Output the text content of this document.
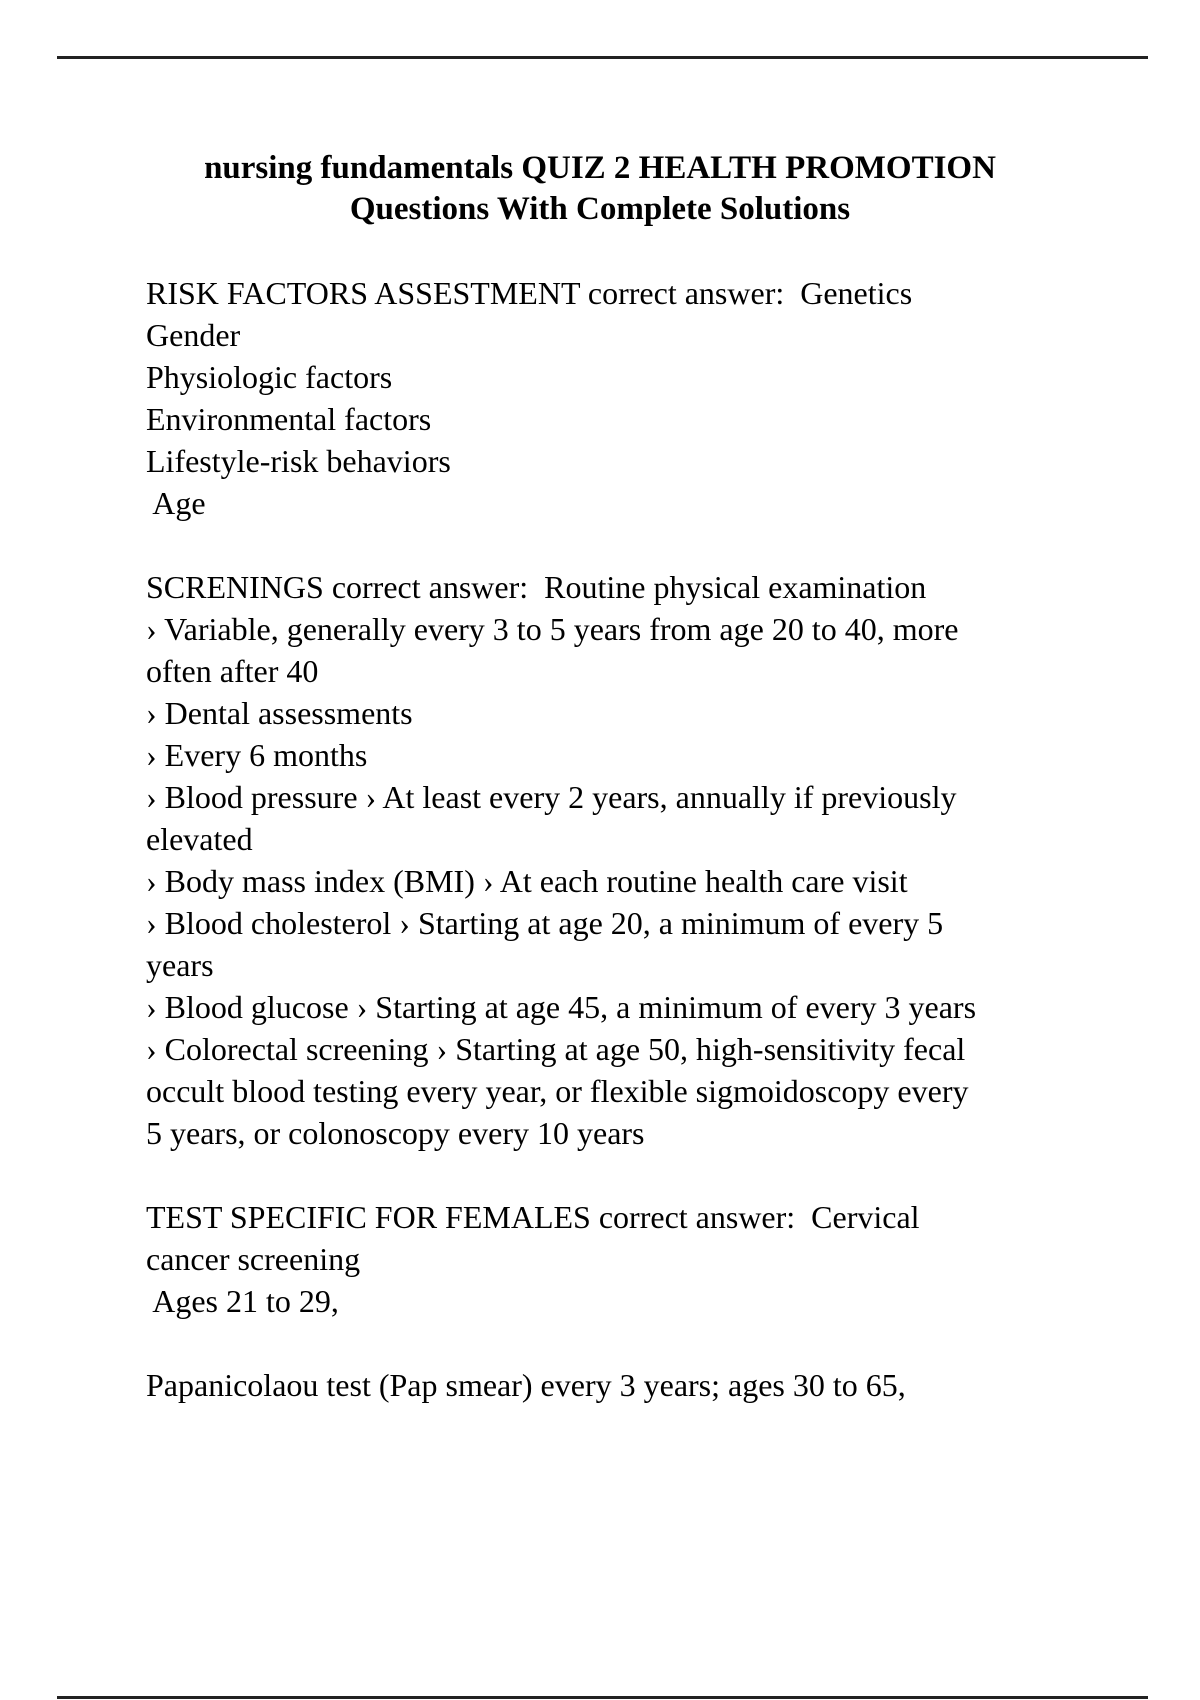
nursing fundamentals QUIZ 2 HEALTH PROMOTION
Questions With Complete Solutions
RISK FACTORS ASSESTMENT correct answer:  Genetics
Gender
Physiologic factors
Environmental factors
Lifestyle-risk behaviors
Age
SCRENINGS correct answer:  Routine physical examination
› Variable, generally every 3 to 5 years from age 20 to 40, more
often after 40
› Dental assessments
› Every 6 months
› Blood pressure › At least every 2 years, annually if previously
elevated
› Body mass index (BMI) › At each routine health care visit
› Blood cholesterol › Starting at age 20, a minimum of every 5
years
› Blood glucose › Starting at age 45, a minimum of every 3 years
› Colorectal screening › Starting at age 50, high-sensitivity fecal
occult blood testing every year, or flexible sigmoidoscopy every
5 years, or colonoscopy every 10 years
TEST SPECIFIC FOR FEMALES correct answer:  Cervical
cancer screening
Ages 21 to 29,
Papanicolaou test (Pap smear) every 3 years; ages 30 to 65,
